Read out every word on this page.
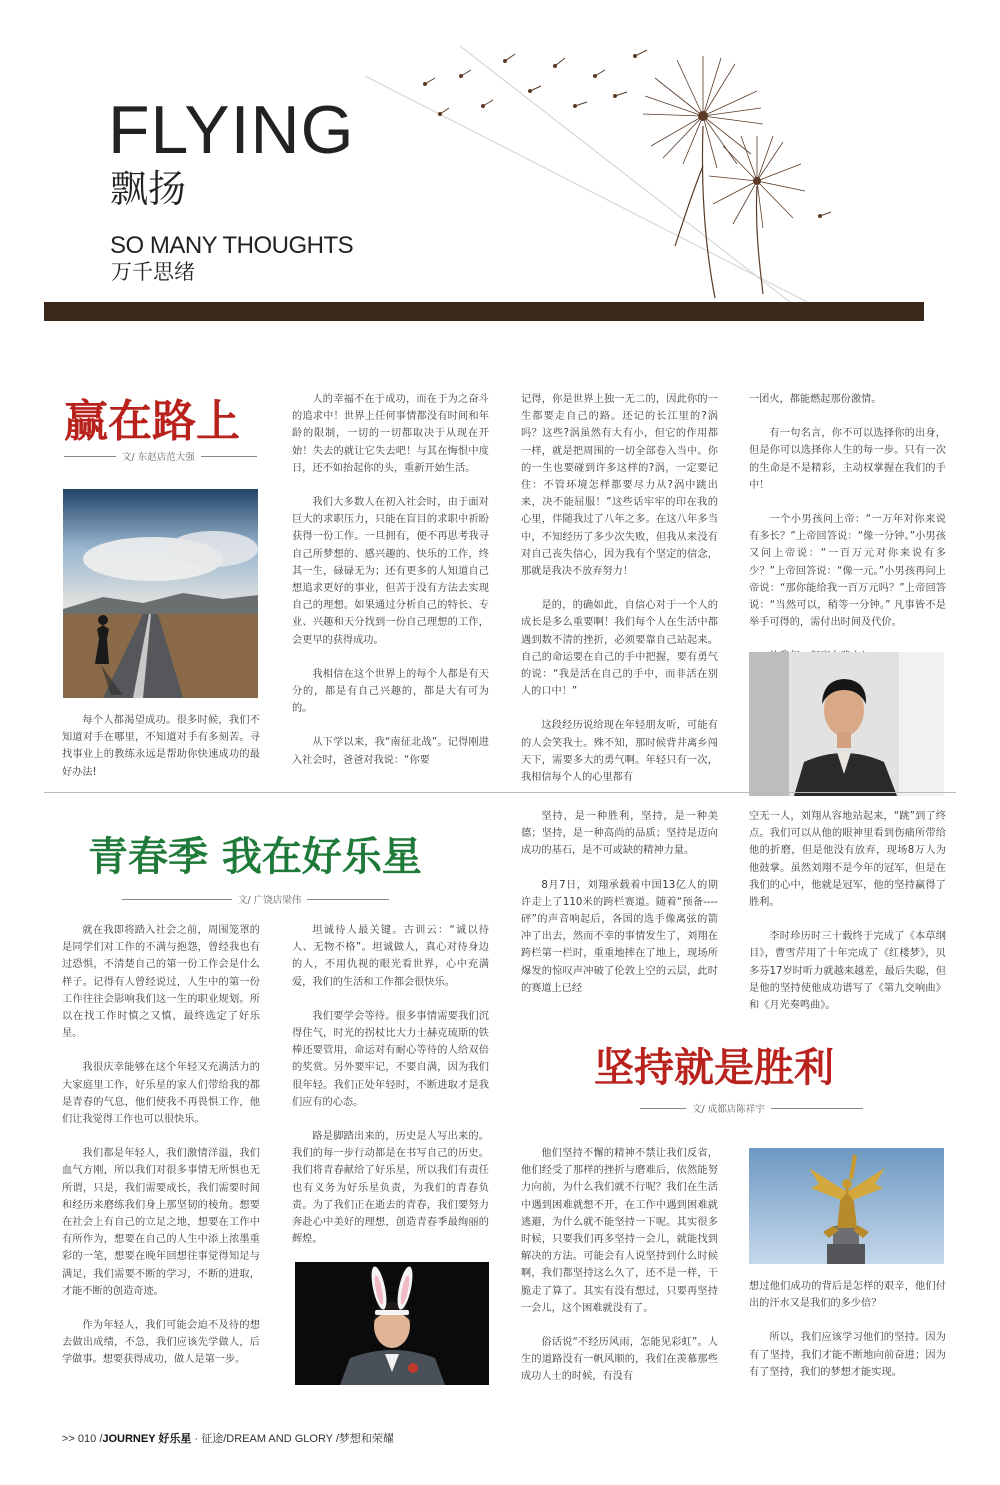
FLYING
飘扬
SO MANY THOUGHTS
万千思绪
赢在路上
文/ 东赵店范大强

每个人都渴望成功。很多时候，我们不知道对手在哪里，不知道对手有多刻苦。寻找事业上的教练永远是帮助你快速成功的最好办法!

人的幸福不在于成功，而在于为之奋斗的追求中！世界上任何事情都没有时间和年龄的限制，一切的一切都取决于从现在开始！失去的就让它失去吧！与其在悔恨中度日，还不如抬起你的头，重新开始生活。

我们大多数人在初入社会时，由于面对巨大的求职压力，只能在盲目的求职中祈盼获得一份工作。一旦拥有，便不再思考我寻自己所梦想的、感兴趣的、快乐的工作，终其一生，碌碌无为；还有更多的人知道自己想追求更好的事业，但苦于没有方法去实现自己的理想。如果通过分析自己的特长、专业、兴趣和天分找到一份自己理想的工作，会更早的获得成功。

我相信在这个世界上的每个人都是有天分的，都是有自己兴趣的，都是大有可为的。

从下学以来，我“南征北战”。记得刚进入社会时，爸爸对我说：“你要

记得，你是世界上独一无二的，因此你的一生都要走自己的路。还记的长江里的?涡吗？这些?涡虽然有大有小，但它的作用都一样，就是把周围的一切全部卷入当中。你的一生也要碰到许多这样的?涡，一定要记住：不管环境怎样都要尽力从?涡中跳出来，决不能屈服！”这些话牢牢的印在我的心里，伴随我过了八年之多。在这八年多当中，不知经历了多少次失败，但我从来没有对自己丧失信心，因为我有个坚定的信念，那就是我决不放弃努力！

是的，的确如此，自信心对于一个人的成长是多么重要啊！我们每个人在生活中都遇到数不清的挫折，必须要靠自己站起来。自己的命运要在自己的手中把握，要有勇气的说：“我是活在自己的手中，而非活在别人的口中！”

这段经历说给现在年轻朋友听，可能有的人会笑我土。殊不知，那时候背井离乡闯天下，需要多大的勇气啊。年轻只有一次，我相信每个人的心里都有

一团火，都能燃起那份激情。

有一句名言，你不可以选择你的出身，但是你可以选择你人生的每一步。只有一次的生命是不是精彩，主动权掌握在我们的手中！

一个小男孩问上帝：“一万年对你来说有多长？”上帝回答说：“像一分钟。”小男孩又问上帝说：“一百万元对你来说有多少？”上帝回答说：“像一元。”小男孩再问上帝说：“那你能给我一百万元吗？”上帝回答说：“当然可以，稍等一分钟。” 凡事皆不是举手可得的，需付出时间及代价。

青春季 我在好乐星
文/ 广饶店梁伟

就在我即将踏入社会之前，周围笼罩的是同学们对工作的不满与抱怨，曾经我也有过恐惧，不清楚自己的第一份工作会是什么样子。记得有人曾经说过，人生中的第一份工作往往会影响我们这一生的职业规划。所以在找工作时慎之又慎，最终选定了好乐星。

我很庆幸能够在这个年轻又充满活力的大家庭里工作，好乐星的家人们带给我的都是青春的气息，他们使我不再畏惧工作，他们让我觉得工作也可以很快乐。

我们都是年轻人，我们激情洋溢，我们血气方刚，所以我们对很多事情无所惧也无所谓，只是，我们需要成长，我们需要时间和经历来磨练我们身上那坚韧的棱角。想要在社会上有自己的立足之地，想要在工作中有所作为，想要在自己的人生中添上浓墨重彩的一笔，想要在晚年回想往事觉得知足与满足，我们需要不断的学习，不断的进取，才能不断的创造奇迹。

作为年轻人，我们可能会迫不及待的想去做出成绩，不急，我们应该先学做人，后学做事。想要获得成功，做人是第一步。

坦诚待人最关键。古训云：“诚以待人、无物不格”。坦诚做人，真心对待身边的人，不用仇视的眼光看世界，心中充满爱，我们的生活和工作都会很快乐。

我们要学会等待。很多事情需要我们沉得住气，时光的拐杖比大力士赫克琉斯的铁棒还要管用，命运对有耐心等待的人给双倍的奖赏。另外要牢记，不要自满，因为我们很年轻。我们正处年轻时，不断进取才是我们应有的心态。

路是脚踏出来的，历史是人写出来的。我们的每一步行动都是在书写自己的历史。我们将青春献给了好乐星，所以我们有责任也有义务为好乐星负责，为我们的青春负责。为了我们正在逝去的青春，我们要努力奔赴心中美好的理想，创造青春季最绚丽的辉煌。

坚持，是一种胜利，坚持，是一种美德；坚持，是一种高尚的品质；坚持是迈向成功的基石，是不可或缺的精神力量。

8月7日，刘翔承载着中国13亿人的期许走上了110米的跨栏赛道。随着“预备----砰”的声音响起后，各国的选手像离弦的箭冲了出去，然而不幸的事情发生了，刘翔在跨栏第一栏时，重重地摔在了地上，现场所爆发的惊叹声冲破了伦敦上空的云层，此时的赛道上已经

空无一人，刘翔从容地站起来，“跳”到了终点。我们可以从他的眼神里看到伤痛所带给他的折磨，但是他没有放弃，现场8万人为他鼓掌。虽然刘翔不是今年的冠军，但是在我们的心中，他就是冠军，他的坚持赢得了胜利。

李时珍历时三十载终于完成了《本草纲目》，曹雪芹用了十年完成了《红楼梦》，贝多芬17岁时听力就越来越差，最后失聪，但是他的坚持使他成功谱写了《第九交响曲》和《月光奏鸣曲》。

坚持就是胜利
文/ 成都店陈祥宇

他们坚持不懈的精神不禁让我们反省，他们经受了那样的挫折与磨难后，依然能努力向前，为什么我们就不行呢？我们在生活中遇到困难就想不开，在工作中遇到困难就逃避，为什么就不能坚持一下呢。其实很多时候，只要我们再多坚持一会儿，就能找到解决的方法。可能会有人说坚持到什么时候啊，我们都坚持这么久了，还不是一样，干脆走了算了。其实有没有想过，只要再坚持一会儿，这个困难就没有了。

俗话说“不经历风雨，怎能见彩虹”。人生的道路没有一帆风顺的，我们在羡慕那些成功人士的时候，有没有

想过他们成功的背后是怎样的艰辛，他们付出的汗水又是我们的多少倍？

所以，我们应该学习他们的坚持。因为有了坚持，我们才能不断地向前奋进；因为有了坚持，我们的梦想才能实现。

>> 010 /JOURNEY 好乐星 · 征途/DREAM AND GLORY /梦想和荣耀
